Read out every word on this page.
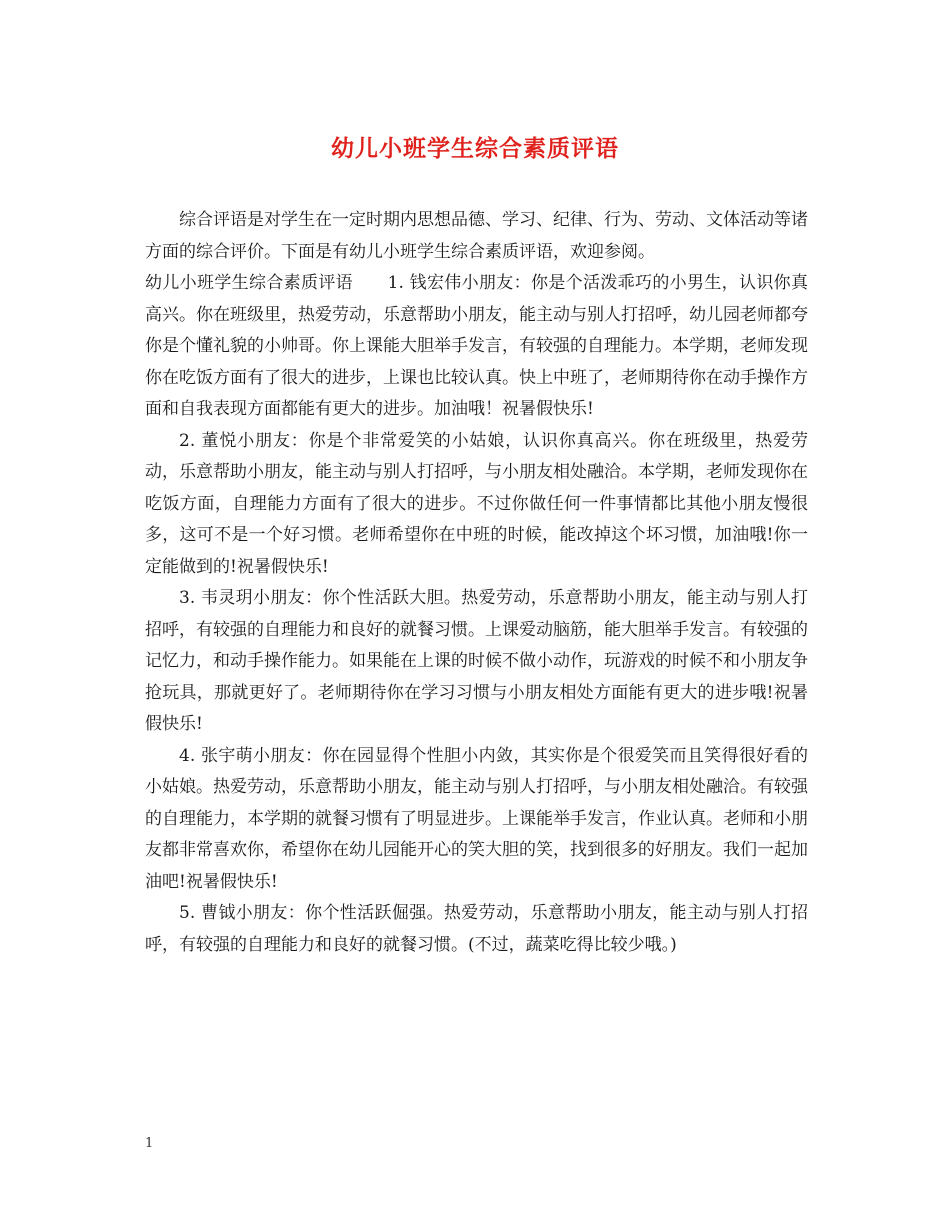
幼儿小班学生综合素质评语

综合评语是对学生在一定时期内思想品德、学习、纪律、行为、劳动、文体活动等诸方面的综合评价。下面是有幼儿小班学生综合素质评语，欢迎参阅。

幼儿小班学生综合素质评语　　1. 钱宏伟小朋友：你是个活泼乖巧的小男生，认识你真高兴。你在班级里，热爱劳动，乐意帮助小朋友，能主动与别人打招呼，幼儿园老师都夸你是个懂礼貌的小帅哥。你上课能大胆举手发言，有较强的自理能力。本学期，老师发现你在吃饭方面有了很大的进步，上课也比较认真。快上中班了，老师期待你在动手操作方面和自我表现方面都能有更大的进步。加油哦！祝暑假快乐!

2. 董悦小朋友：你是个非常爱笑的小姑娘，认识你真高兴。你在班级里，热爱劳动，乐意帮助小朋友，能主动与别人打招呼，与小朋友相处融洽。本学期，老师发现你在吃饭方面，自理能力方面有了很大的进步。不过你做任何一件事情都比其他小朋友慢很多，这可不是一个好习惯。老师希望你在中班的时候，能改掉这个坏习惯，加油哦!你一定能做到的!祝暑假快乐!

3. 韦灵玥小朋友：你个性活跃大胆。热爱劳动，乐意帮助小朋友，能主动与别人打招呼，有较强的自理能力和良好的就餐习惯。上课爱动脑筋，能大胆举手发言。有较强的记忆力，和动手操作能力。如果能在上课的时候不做小动作，玩游戏的时候不和小朋友争抢玩具，那就更好了。老师期待你在学习习惯与小朋友相处方面能有更大的进步哦!祝暑假快乐!

4. 张宇萌小朋友：你在园显得个性胆小内敛，其实你是个很爱笑而且笑得很好看的小姑娘。热爱劳动，乐意帮助小朋友，能主动与别人打招呼，与小朋友相处融洽。有较强的自理能力，本学期的就餐习惯有了明显进步。上课能举手发言，作业认真。老师和小朋友都非常喜欢你，希望你在幼儿园能开心的笑大胆的笑，找到很多的好朋友。我们一起加油吧!祝暑假快乐!

5. 曹钺小朋友：你个性活跃倔强。热爱劳动，乐意帮助小朋友，能主动与别人打招呼，有较强的自理能力和良好的就餐习惯。(不过，蔬菜吃得比较少哦。)

1
